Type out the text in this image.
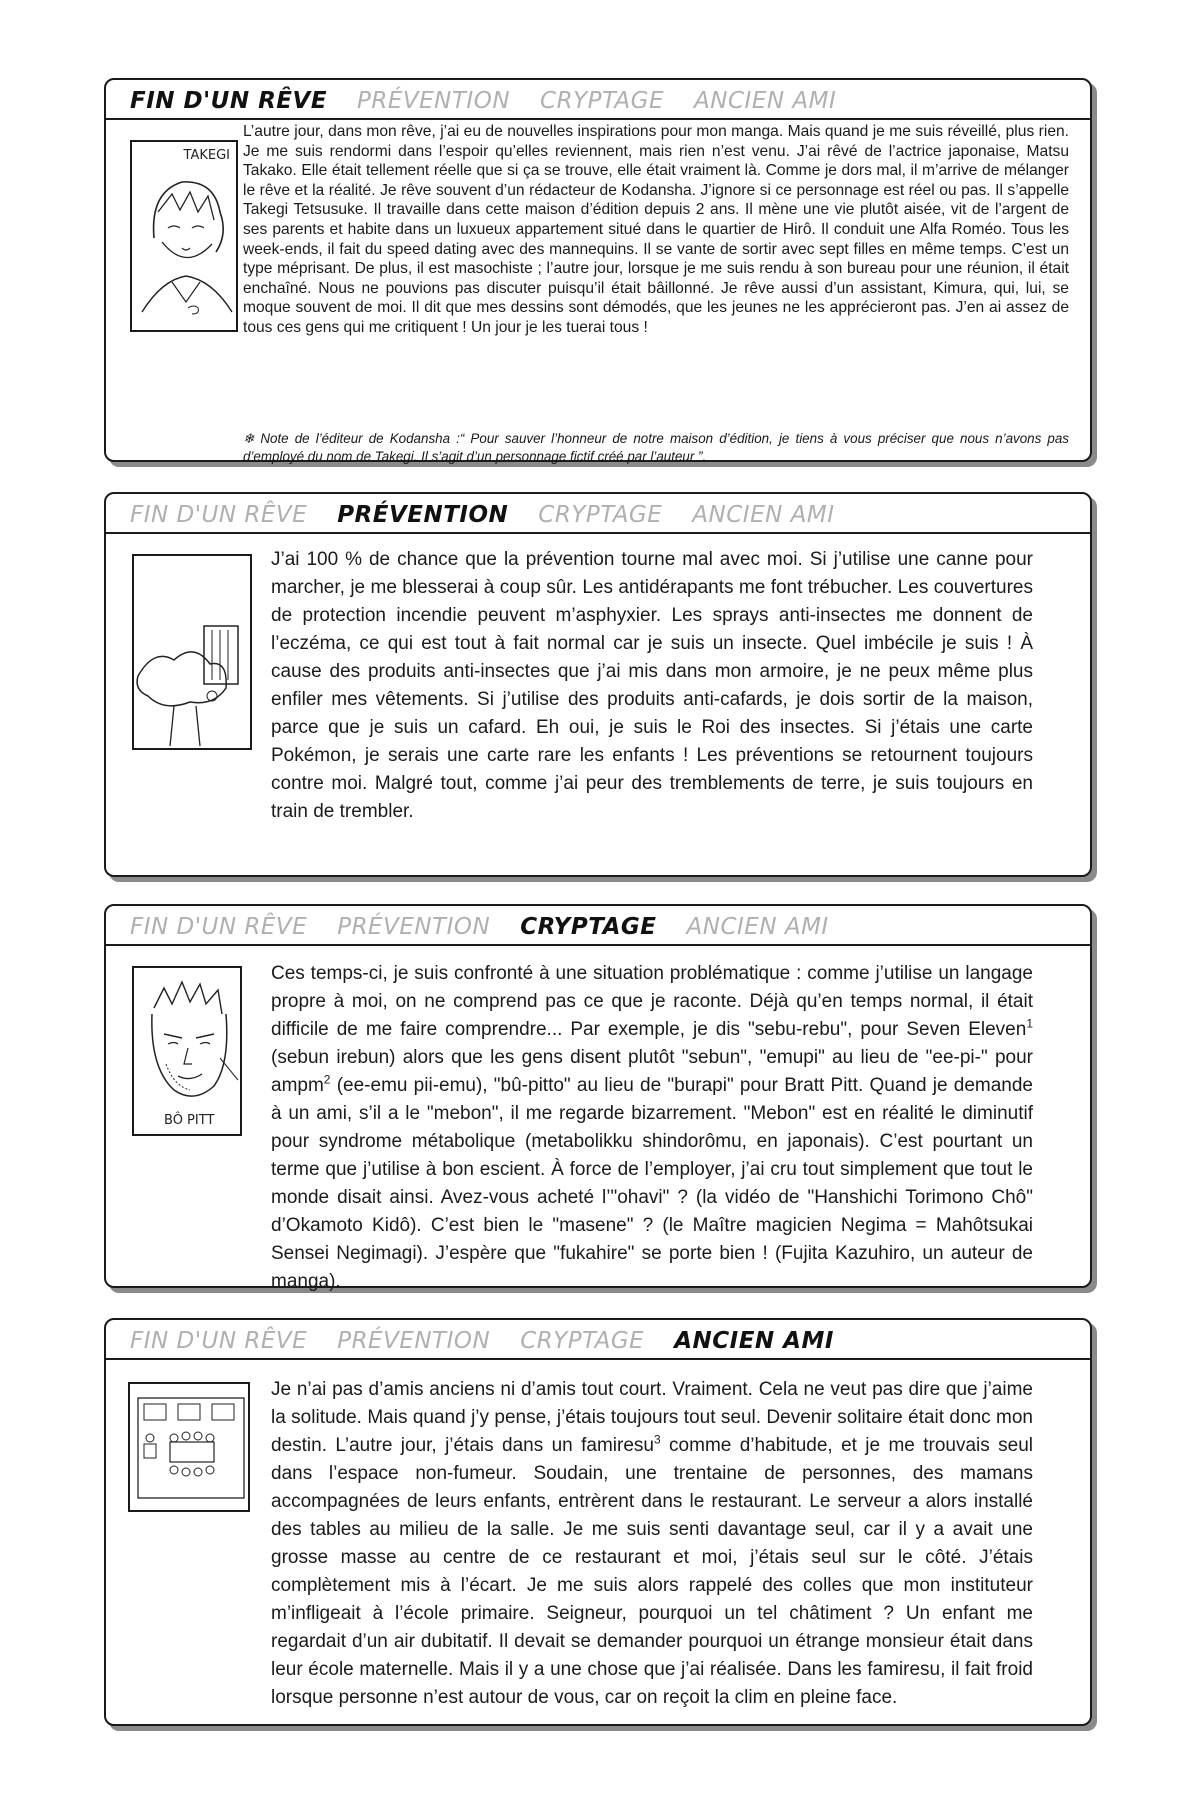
FIN D'UN RÊVE PRÉVENTION CRYPTAGE ANCIEN AMI
TAKEGI
L’autre jour, dans mon rêve, j’ai eu de nouvelles inspirations pour mon manga. Mais quand je me suis réveillé, plus rien. Je me suis rendormi dans l’espoir qu’elles reviennent, mais rien n’est venu. J’ai rêvé de l’actrice japonaise, Matsu Takako. Elle était tellement réelle que si ça se trouve, elle était vraiment là. Comme je dors mal, il m’arrive de mélanger le rêve et la réalité. Je rêve souvent d’un rédacteur de Kodansha. J’ignore si ce personnage est réel ou pas. Il s’appelle Takegi Tetsusuke. Il travaille dans cette maison d’édition depuis 2 ans. Il mène une vie plutôt aisée, vit de l’argent de ses parents et habite dans un luxueux appartement situé dans le quartier de Hirô. Il conduit une Alfa Roméo. Tous les week-ends, il fait du speed dating avec des mannequins. Il se vante de sortir avec sept filles en même temps. C’est un type méprisant. De plus, il est masochiste ; l’autre jour, lorsque je me suis rendu à son bureau pour une réunion, il était enchaîné. Nous ne pouvions pas discuter puisqu’il était bâillonné. Je rêve aussi d’un assistant, Kimura, qui, lui, se moque souvent de moi. Il dit que mes dessins sont démodés, que les jeunes ne les apprécieront pas. J’en ai assez de tous ces gens qui me critiquent ! Un jour je les tuerai tous !
❄ Note de l’éditeur de Kodansha :“ Pour sauver l’honneur de notre maison d’édition, je tiens à vous préciser que nous n’avons pas d’employé du nom de Takegi. Il s’agit d’un personnage fictif créé par l’auteur ”.
FIN D'UN RÊVE PRÉVENTION CRYPTAGE ANCIEN AMI
J’ai 100 % de chance que la prévention tourne mal avec moi. Si j’utilise une canne pour marcher, je me blesserai à coup sûr. Les antidérapants me font trébucher. Les couvertures de protection incendie peuvent m’asphyxier. Les sprays anti-insectes me donnent de l’eczéma, ce qui est tout à fait normal car je suis un insecte. Quel imbécile je suis ! À cause des produits anti-insectes que j’ai mis dans mon armoire, je ne peux même plus enfiler mes vêtements. Si j’utilise des produits anti-cafards, je dois sortir de la maison, parce que je suis un cafard. Eh oui, je suis le Roi des insectes. Si j’étais une carte Pokémon, je serais une carte rare les enfants ! Les préventions se retournent toujours contre moi. Malgré tout, comme j’ai peur des tremblements de terre, je suis toujours en train de trembler.
FIN D'UN RÊVE PRÉVENTION CRYPTAGE ANCIEN AMI
BÔ PITT
Ces temps-ci, je suis confronté à une situation problématique : comme j’utilise un langage propre à moi, on ne comprend pas ce que je raconte. Déjà qu’en temps normal, il était difficile de me faire comprendre... Par exemple, je dis "sebu-rebu", pour Seven Eleven$^1$ (sebun irebun) alors que les gens disent plutôt "sebun", "emupi" au lieu de "ee-pi-" pour ampm$^2$ (ee-emu pii-emu), "bû-pitto" au lieu de "burapi" pour Bratt Pitt. Quand je demande à un ami, s’il a le "mebon", il me regarde bizarrement. "Mebon" est en réalité le diminutif pour syndrome métabolique (metabolikku shindorômu, en japonais). C’est pourtant un terme que j’utilise à bon escient. À force de l’employer, j’ai cru tout simplement que tout le monde disait ainsi. Avez-vous acheté l’"ohavi" ? (la vidéo de "Hanshichi Torimono Chô" d’Okamoto Kidô). C’est bien le "masene" ? (le Maître magicien Negima = Mahôtsukai Sensei Negimagi). J’espère que "fukahire" se porte bien ! (Fujita Kazuhiro, un auteur de manga).
FIN D'UN RÊVE PRÉVENTION CRYPTAGE ANCIEN AMI
Je n’ai pas d’amis anciens ni d’amis tout court. Vraiment. Cela ne veut pas dire que j’aime la solitude. Mais quand j’y pense, j’étais toujours tout seul. Devenir solitaire était donc mon destin. L’autre jour, j’étais dans un famiresu$^3$ comme d’habitude, et je me trouvais seul dans l’espace non-fumeur. Soudain, une trentaine de personnes, des mamans accompagnées de leurs enfants, entrèrent dans le restaurant. Le serveur a alors installé des tables au milieu de la salle. Je me suis senti davantage seul, car il y a avait une grosse masse au centre de ce restaurant et moi, j’étais seul sur le côté. J’étais complètement mis à l’écart. Je me suis alors rappelé des colles que mon instituteur m’infligeait à l’école primaire. Seigneur, pourquoi un tel châtiment ? Un enfant me regardait d’un air dubitatif. Il devait se demander pourquoi un étrange monsieur était dans leur école maternelle. Mais il y a une chose que j’ai réalisée. Dans les famiresu, il fait froid lorsque personne n’est autour de vous, car on reçoit la clim en pleine face.
